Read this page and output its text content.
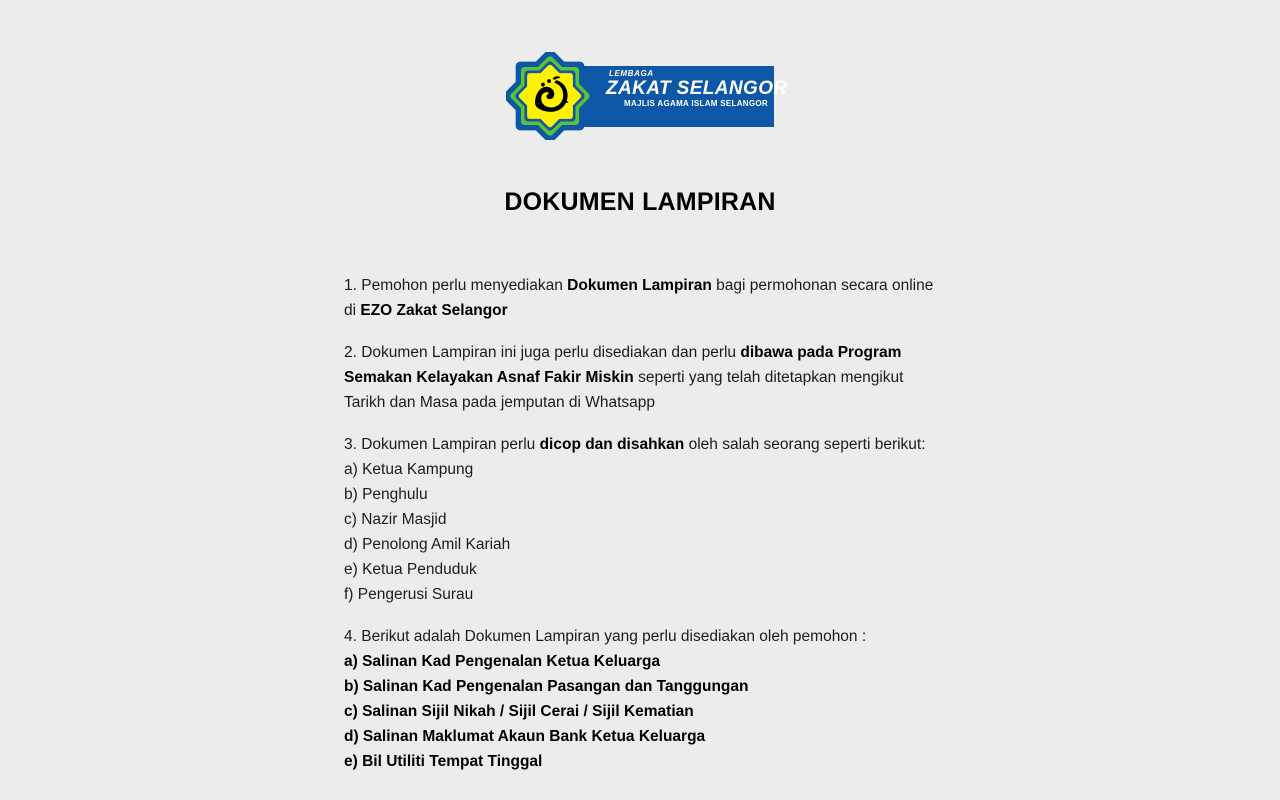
LEMBAGA
ZAKAT SELANGOR
MAJLIS AGAMA ISLAM SELANGOR
DOKUMEN LAMPIRAN

1. Pemohon perlu menyediakan Dokumen Lampiran bagi permohonan secara online di EZO Zakat Selangor

2. Dokumen Lampiran ini juga perlu disediakan dan perlu dibawa pada Program Semakan Kelayakan Asnaf Fakir Miskin seperti yang telah ditetapkan mengikut Tarikh dan Masa pada jemputan di Whatsapp

3. Dokumen Lampiran perlu dicop dan disahkan oleh salah seorang seperti berikut:
a) Ketua Kampung
b) Penghulu
c) Nazir Masjid
d) Penolong Amil Kariah
e) Ketua Penduduk
f) Pengerusi Surau

4. Berikut adalah Dokumen Lampiran yang perlu disediakan oleh pemohon :
a) Salinan Kad Pengenalan Ketua Keluarga
b) Salinan Kad Pengenalan Pasangan dan Tanggungan
c) Salinan Sijil Nikah / Sijil Cerai / Sijil Kematian
d) Salinan Maklumat Akaun Bank Ketua Keluarga
e) Bil Utiliti Tempat Tinggal
